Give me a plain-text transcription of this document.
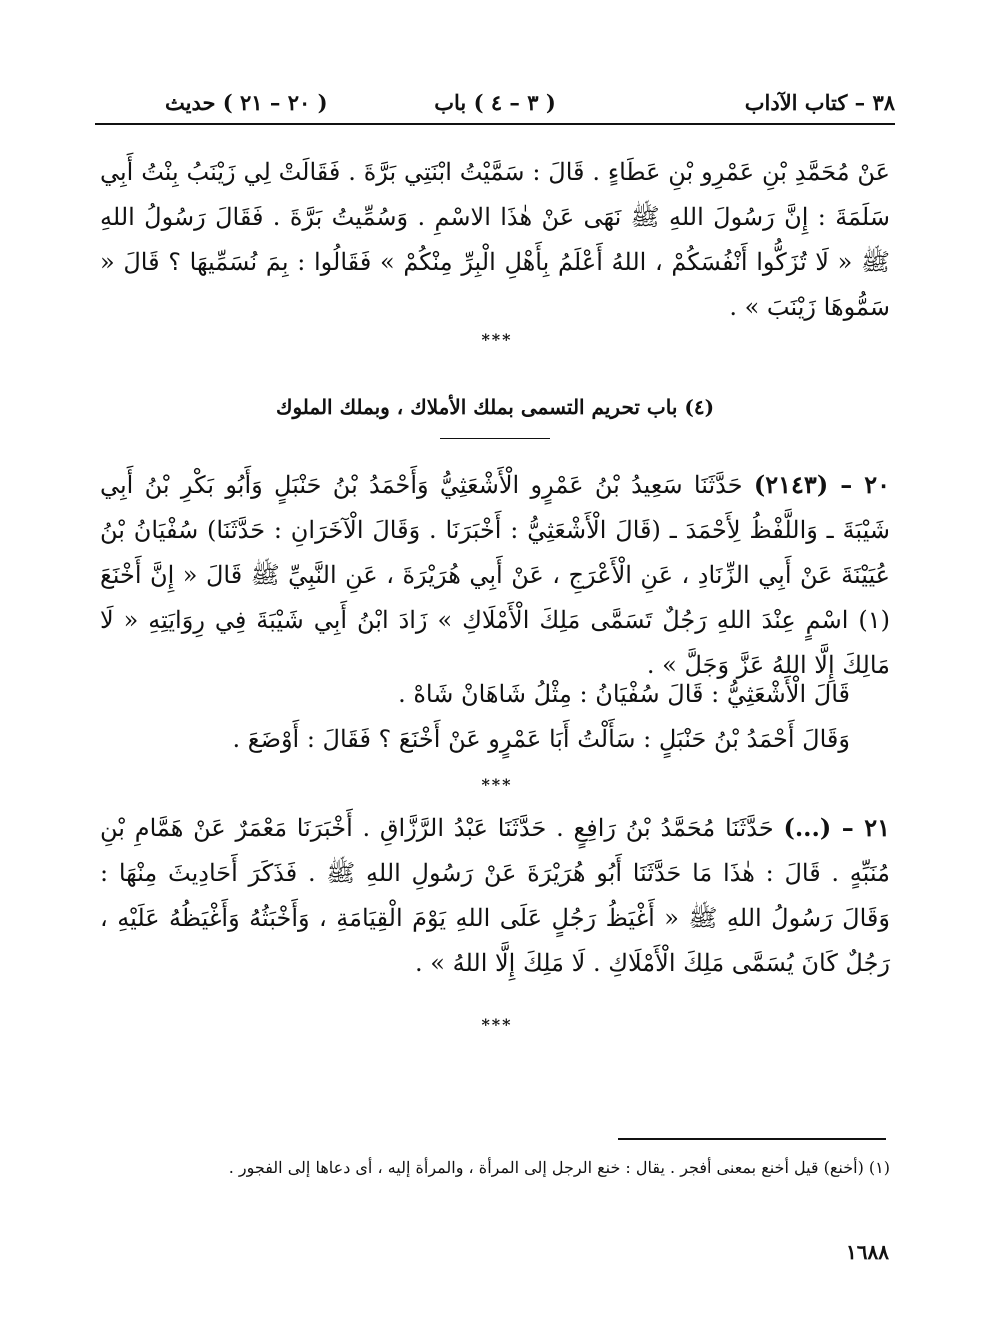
٣٨ – كتاب الآداب
( ٣ – ٤ ) باب
( ٢٠ – ٢١ ) حديث
عَنْ مُحَمَّدِ بْنِ عَمْرِو بْنِ عَطَاءٍ . قَالَ : سَمَّيْتُ ابْنَتِي بَرَّةَ . فَقَالَتْ لِي زَيْنَبُ بِنْتُ أَبِي سَلَمَةَ : إِنَّ رَسُولَ اللهِ ﷺ نَهَى عَنْ هٰذَا الاسْمِ . وَسُمِّيتُ بَرَّةَ . فَقَالَ رَسُولُ اللهِ ﷺ « لَا تُزَكُّوا أَنْفُسَكُمْ ، اللهُ أَعْلَمُ بِأَهْلِ الْبِرِّ مِنْكُمْ » فَقَالُوا : بِمَ نُسَمِّيهَا ؟ قَالَ « سَمُّوهَا زَيْنَبَ » .
***
(٤) باب تحريم التسمى بملك الأملاك ، وبملك الملوك
٢٠ – (٢١٤٣) حَدَّثَنَا سَعِيدُ بْنُ عَمْرٍو الْأَشْعَثِيُّ وَأَحْمَدُ بْنُ حَنْبَلٍ وَأَبُو بَكْرِ بْنُ أَبِي شَيْبَةَ ـ وَاللَّفْظُ لِأَحْمَدَ ـ (قَالَ الْأَشْعَثِيُّ : أَخْبَرَنَا . وَقَالَ الْآخَرَانِ : حَدَّثَنَا) سُفْيَانُ بْنُ عُيَيْنَةَ عَنْ أَبِي الزِّنَادِ ، عَنِ الْأَعْرَجِ ، عَنْ أَبِي هُرَيْرَةَ ، عَنِ النَّبِيِّ ﷺ قَالَ « إِنَّ أَخْنَعَ (١) اسْمٍ عِنْدَ اللهِ رَجُلٌ تَسَمَّى مَلِكَ الْأَمْلَاكِ » زَادَ ابْنُ أَبِي شَيْبَةَ فِي رِوَايَتِهِ « لَا مَالِكَ إِلَّا اللهُ عَزَّ وَجَلَّ » .
قَالَ الْأَشْعَثِيُّ : قَالَ سُفْيَانُ : مِثْلُ شَاهَانْ شَاهْ .
وَقَالَ أَحْمَدُ بْنُ حَنْبَلٍ : سَأَلْتُ أَبَا عَمْرٍو عَنْ أَخْنَعَ ؟ فَقَالَ : أَوْضَعَ .
***
٢١ – (...) حَدَّثَنَا مُحَمَّدُ بْنُ رَافِعٍ . حَدَّثَنَا عَبْدُ الرَّزَّاقِ . أَخْبَرَنَا مَعْمَرٌ عَنْ هَمَّامِ بْنِ مُنَبِّهٍ . قَالَ : هٰذَا مَا حَدَّثَنَا أَبُو هُرَيْرَةَ عَنْ رَسُولِ اللهِ ﷺ . فَذَكَرَ أَحَادِيثَ مِنْهَا : وَقَالَ رَسُولُ اللهِ ﷺ « أَغْيَظُ رَجُلٍ عَلَى اللهِ يَوْمَ الْقِيَامَةِ ، وَأَخْبَثُهُ وَأَغْيَظُهُ عَلَيْهِ ، رَجُلٌ كَانَ يُسَمَّى مَلِكَ الْأَمْلَاكِ . لَا مَلِكَ إِلَّا اللهُ » .
***
(١) (أخنع) قيل أخنع بمعنى أفجر . يقال : خنع الرجل إلى المرأة ، والمرأة إليه ، أى دعاها إلى الفجور .
١٦٨٨
